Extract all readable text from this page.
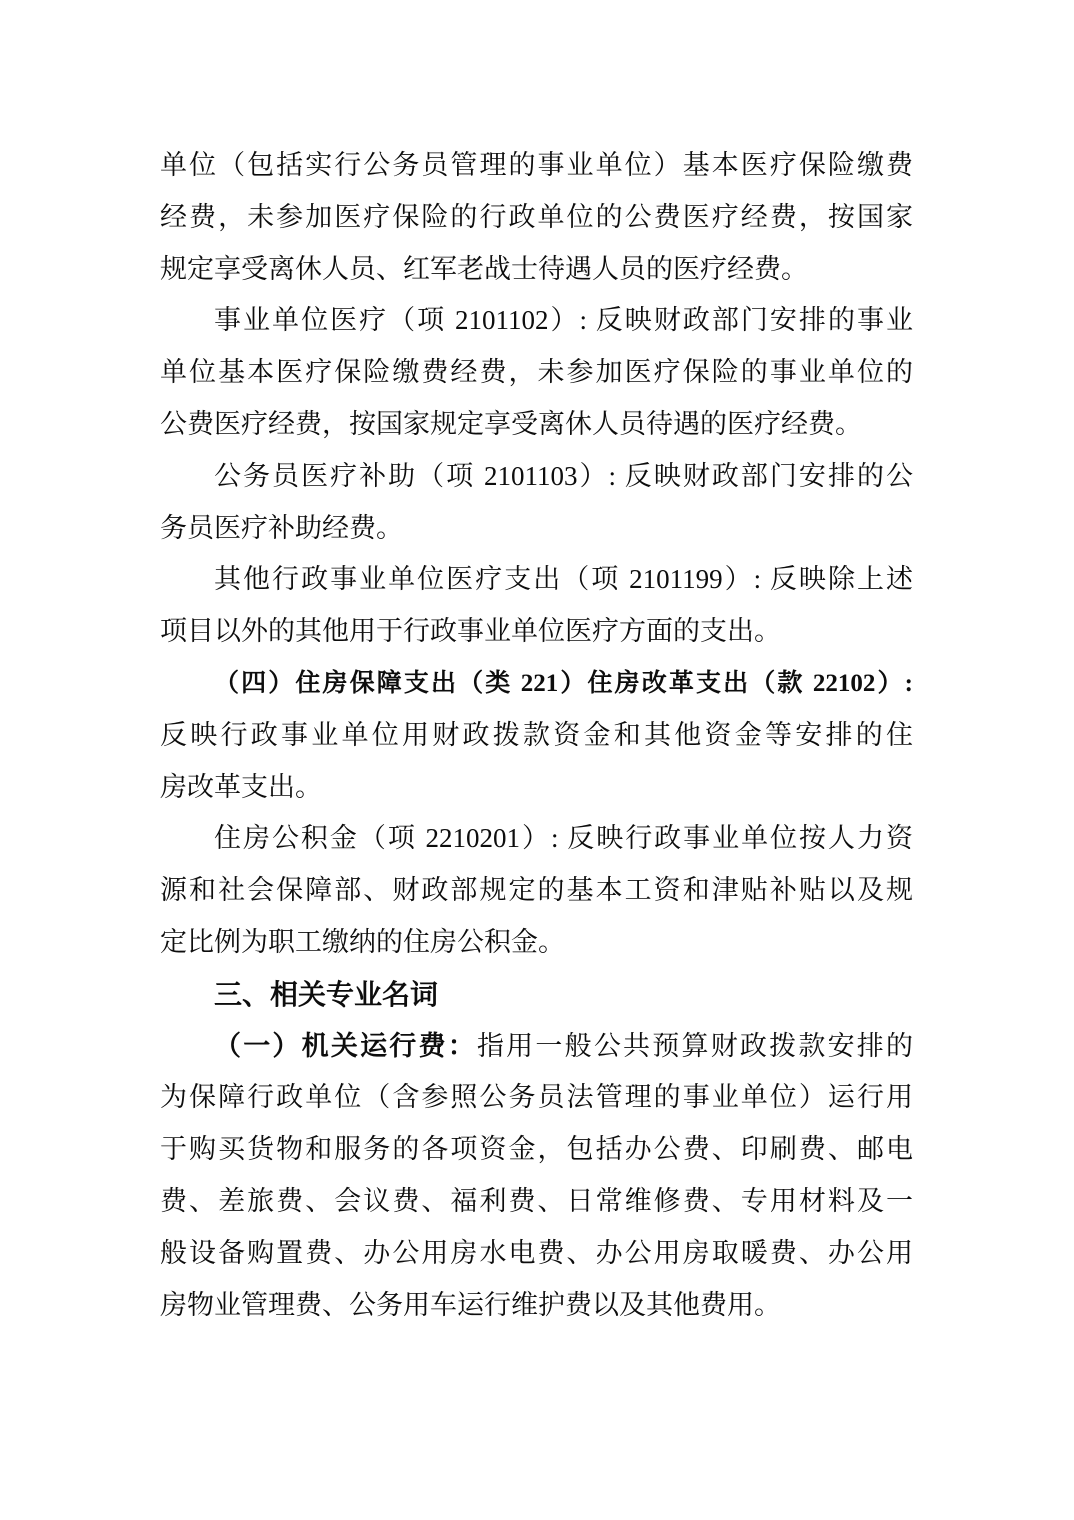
单位（包括实行公务员管理的事业单位）基本医疗保险缴费
经费，未参加医疗保险的行政单位的公费医疗经费，按国家
规定享受离休人员、红军老战士待遇人员的医疗经费。
事业单位医疗（项 2101102）: 反映财政部门安排的事业
单位基本医疗保险缴费经费，未参加医疗保险的事业单位的
公费医疗经费，按国家规定享受离休人员待遇的医疗经费。
公务员医疗补助（项 2101103）: 反映财政部门安排的公
务员医疗补助经费。
其他行政事业单位医疗支出（项 2101199）: 反映除上述
项目以外的其他用于行政事业单位医疗方面的支出。
（四）住房保障支出（类 221）住房改革支出（款 22102）:
反映行政事业单位用财政拨款资金和其他资金等安排的住
房改革支出。
住房公积金（项 2210201）: 反映行政事业单位按人力资
源和社会保障部、财政部规定的基本工资和津贴补贴以及规
定比例为职工缴纳的住房公积金。
三、相关专业名词
（一）机关运行费：指用一般公共预算财政拨款安排的
为保障行政单位（含参照公务员法管理的事业单位）运行用
于购买货物和服务的各项资金，包括办公费、印刷费、邮电
费、差旅费、会议费、福利费、日常维修费、专用材料及一
般设备购置费、办公用房水电费、办公用房取暖费、办公用
房物业管理费、公务用车运行维护费以及其他费用。
